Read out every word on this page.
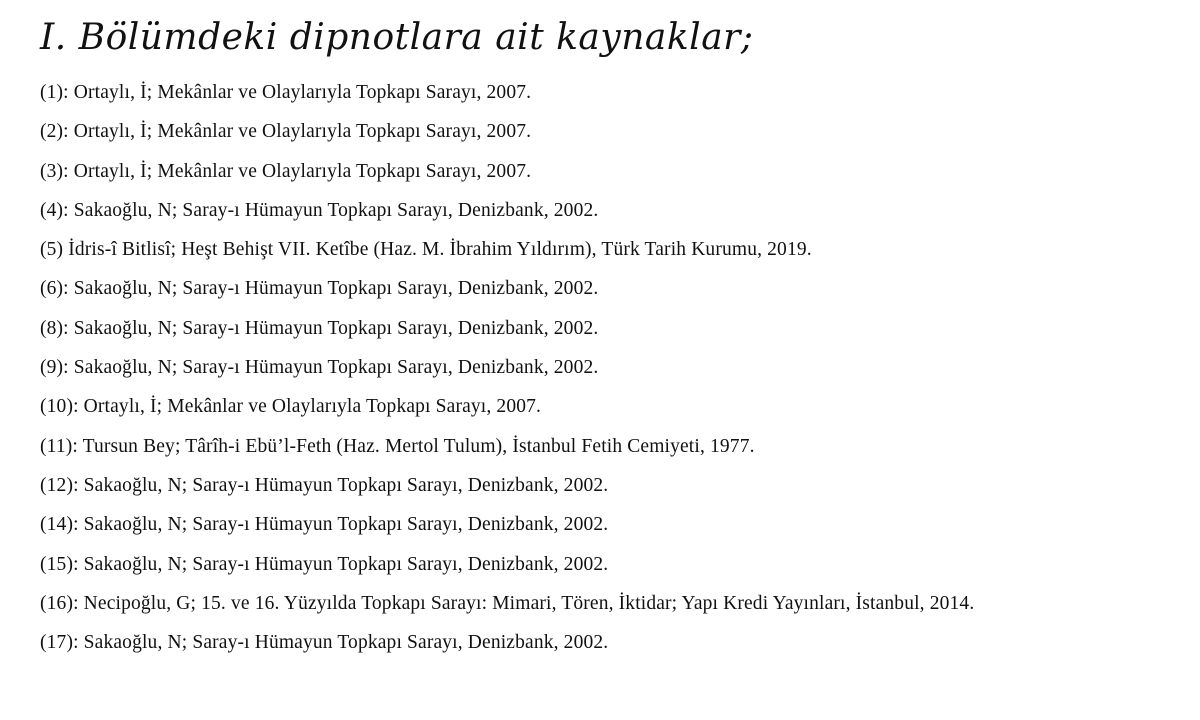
I. Bölümdeki dipnotlara ait kaynaklar;
(1): Ortaylı, İ; Mekânlar ve Olaylarıyla Topkapı Sarayı, 2007.
(2): Ortaylı, İ; Mekânlar ve Olaylarıyla Topkapı Sarayı, 2007.
(3): Ortaylı, İ; Mekânlar ve Olaylarıyla Topkapı Sarayı, 2007.
(4): Sakaoğlu, N; Saray-ı Hümayun Topkapı Sarayı, Denizbank, 2002.
(5) İdris-î Bitlisî; Heşt Behişt VII. Ketîbe (Haz. M. İbrahim Yıldırım), Türk Tarih Kurumu, 2019.
(6): Sakaoğlu, N; Saray-ı Hümayun Topkapı Sarayı, Denizbank, 2002.
(8): Sakaoğlu, N; Saray-ı Hümayun Topkapı Sarayı, Denizbank, 2002.
(9): Sakaoğlu, N; Saray-ı Hümayun Topkapı Sarayı, Denizbank, 2002.
(10): Ortaylı, İ; Mekânlar ve Olaylarıyla Topkapı Sarayı, 2007.
(11): Tursun Bey; Târîh-i Ebü’l-Feth (Haz. Mertol Tulum), İstanbul Fetih Cemiyeti, 1977.
(12): Sakaoğlu, N; Saray-ı Hümayun Topkapı Sarayı, Denizbank, 2002.
(14): Sakaoğlu, N; Saray-ı Hümayun Topkapı Sarayı, Denizbank, 2002.
(15): Sakaoğlu, N; Saray-ı Hümayun Topkapı Sarayı, Denizbank, 2002.
(16): Necipoğlu, G; 15. ve 16. Yüzyılda Topkapı Sarayı: Mimari, Tören, İktidar; Yapı Kredi Yayınları, İstanbul, 2014.
(17): Sakaoğlu, N; Saray-ı Hümayun Topkapı Sarayı, Denizbank, 2002.
